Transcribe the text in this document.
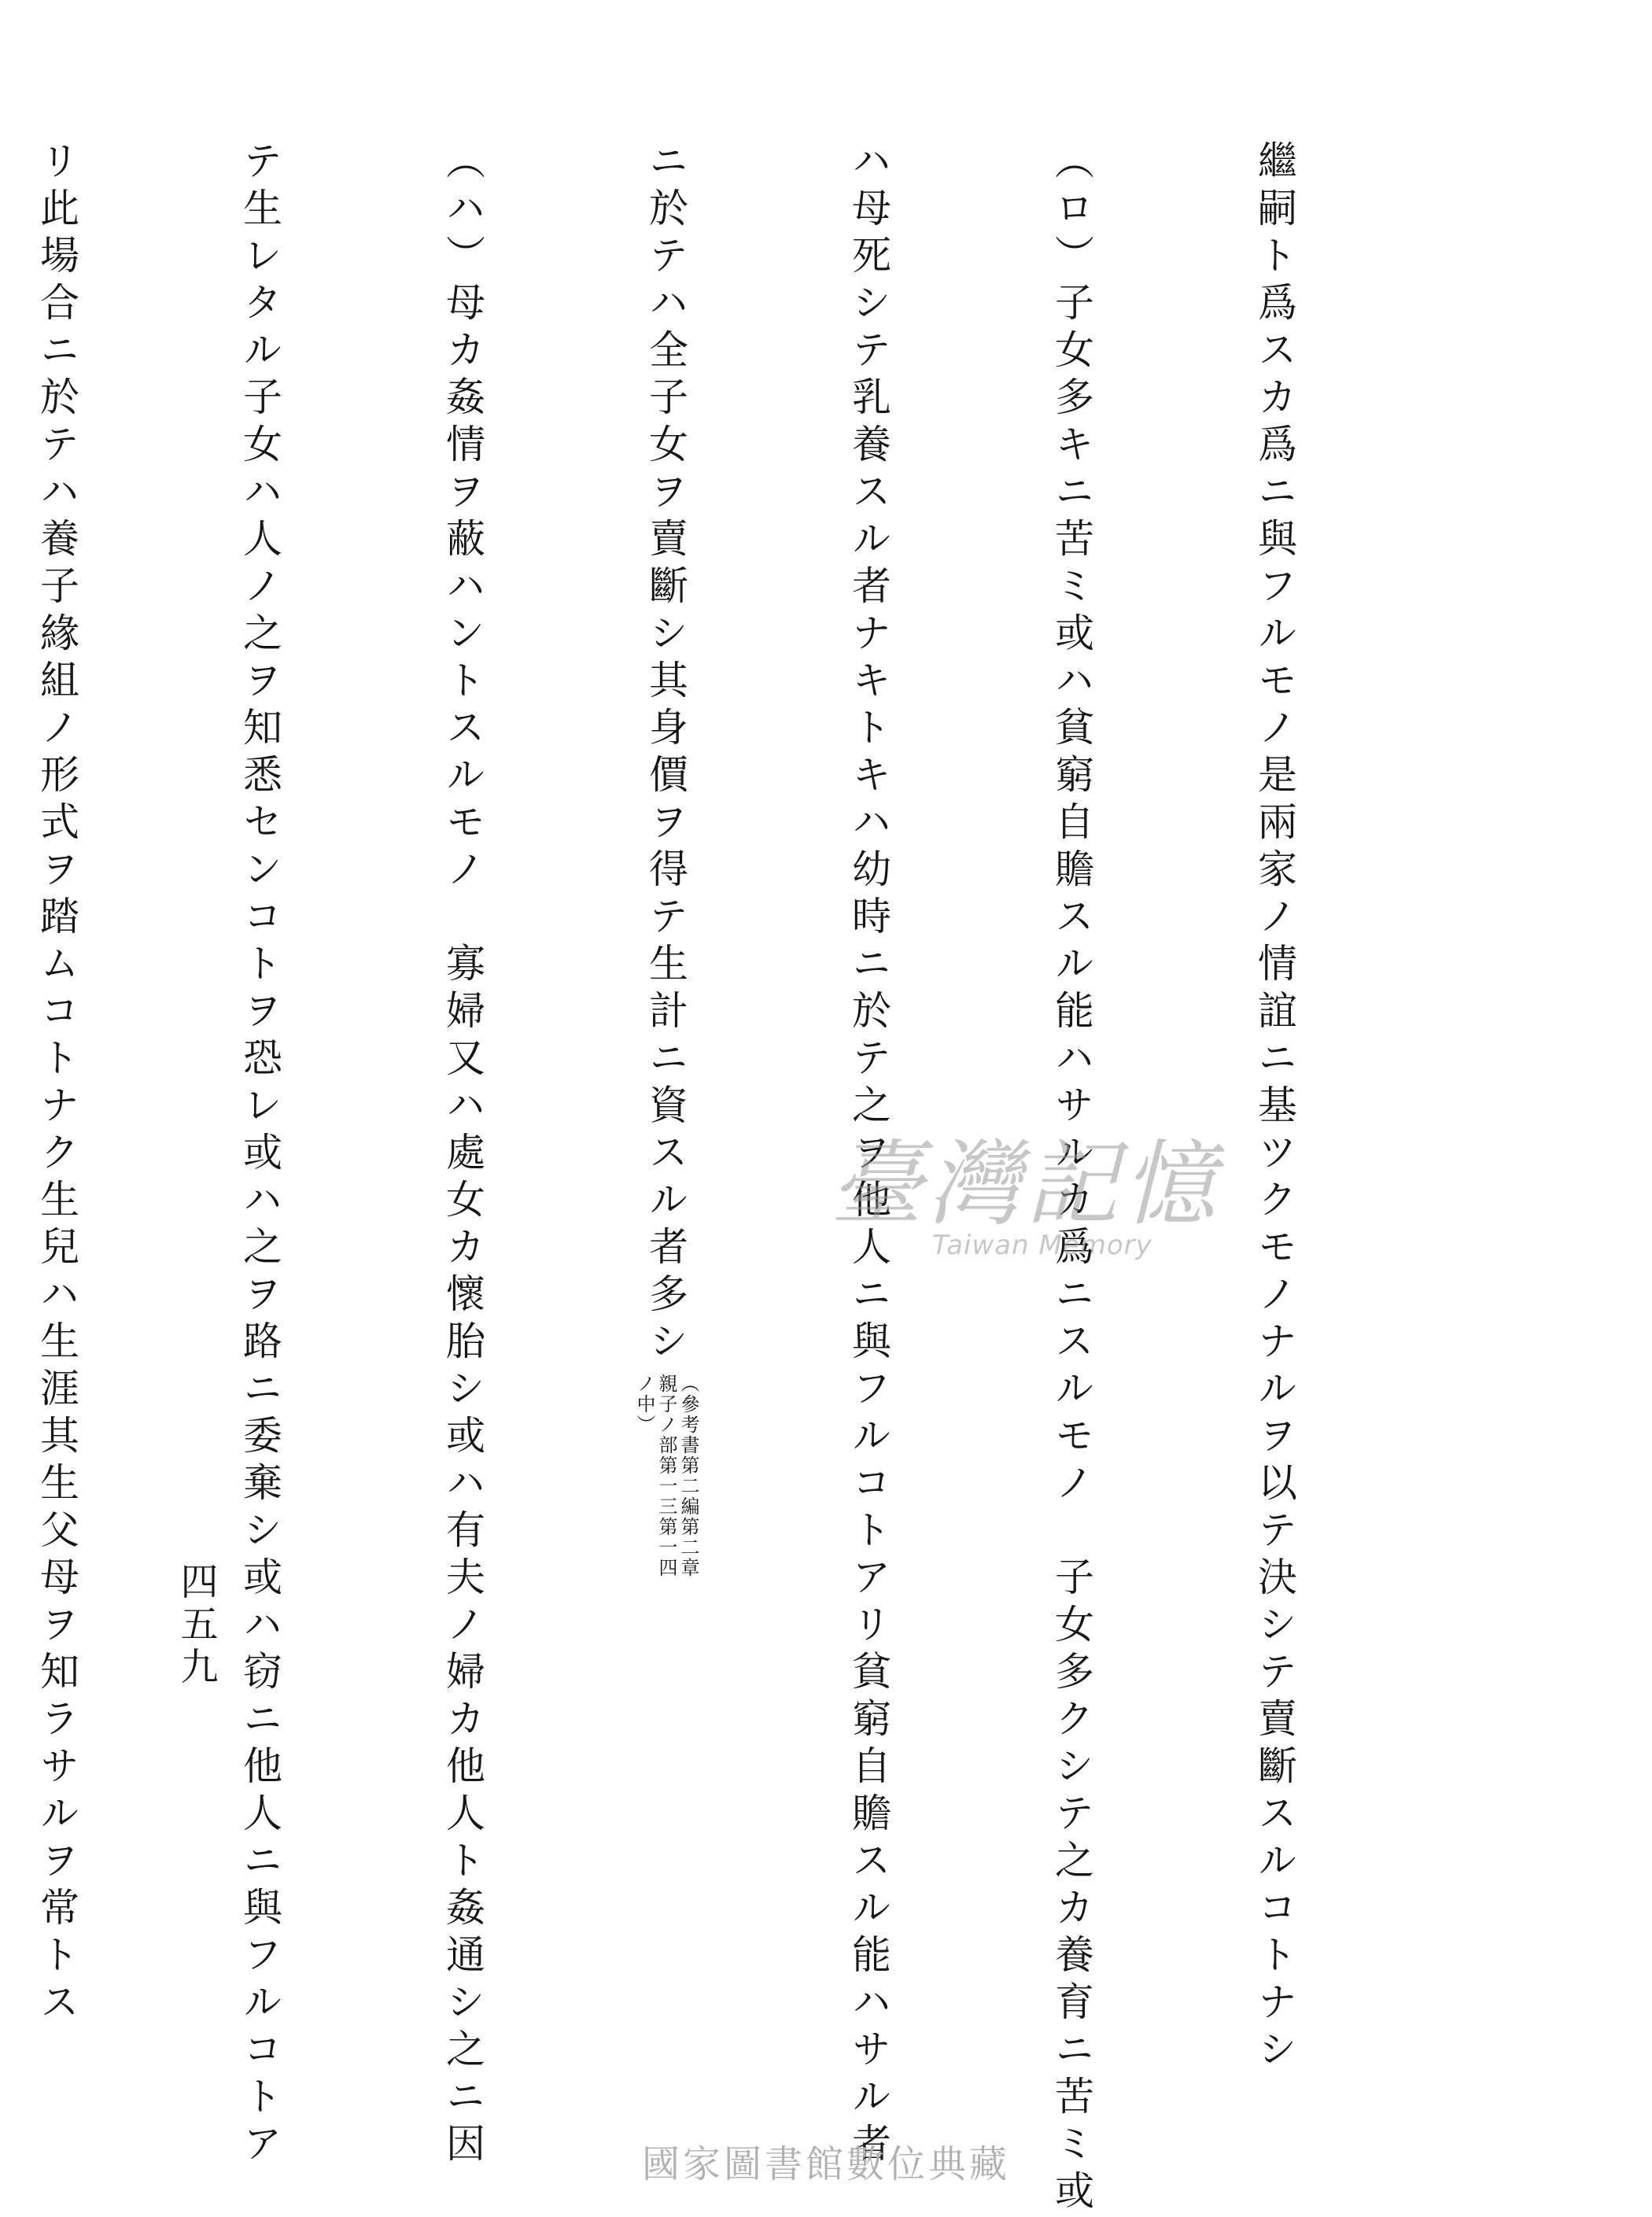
繼嗣ト爲スカ爲ニ與フルモノ是兩家ノ情誼ニ基ツクモノナルヲ以テ決シテ賣斷スルコトナシ

（ロ）子女多キニ苦ミ或ハ貧窮自贍スル能ハサルカ爲ニスルモノ　子女多クシテ之カ養育ニ苦ミ或

ハ母死シテ乳養スル者ナキトキハ幼時ニ於テ之ヲ他人ニ與フルコトアリ貧窮自贍スル能ハサル者

ニ於テハ全子女ヲ賣斷シ其身價ヲ得テ生計ニ資スル者多シ（參考書第二編第二章親子ノ部第一三第一四ノ中）

（ハ）母カ姦情ヲ蔽ハントスルモノ　寡婦又ハ處女カ懷胎シ或ハ有夫ノ婦カ他人ト姦通シ之ニ因

テ生レタル子女ハ人ノ之ヲ知悉センコトヲ恐レ或ハ之ヲ路ニ委棄シ或ハ窃ニ他人ニ與フルコトア

リ此場合ニ於テハ養子緣組ノ形式ヲ踏ムコトナク生兒ハ生涯其生父母ヲ知ラサルヲ常トス

	四五九
臺灣記憶
Taiwan Memory
國家圖書館數位典藏
